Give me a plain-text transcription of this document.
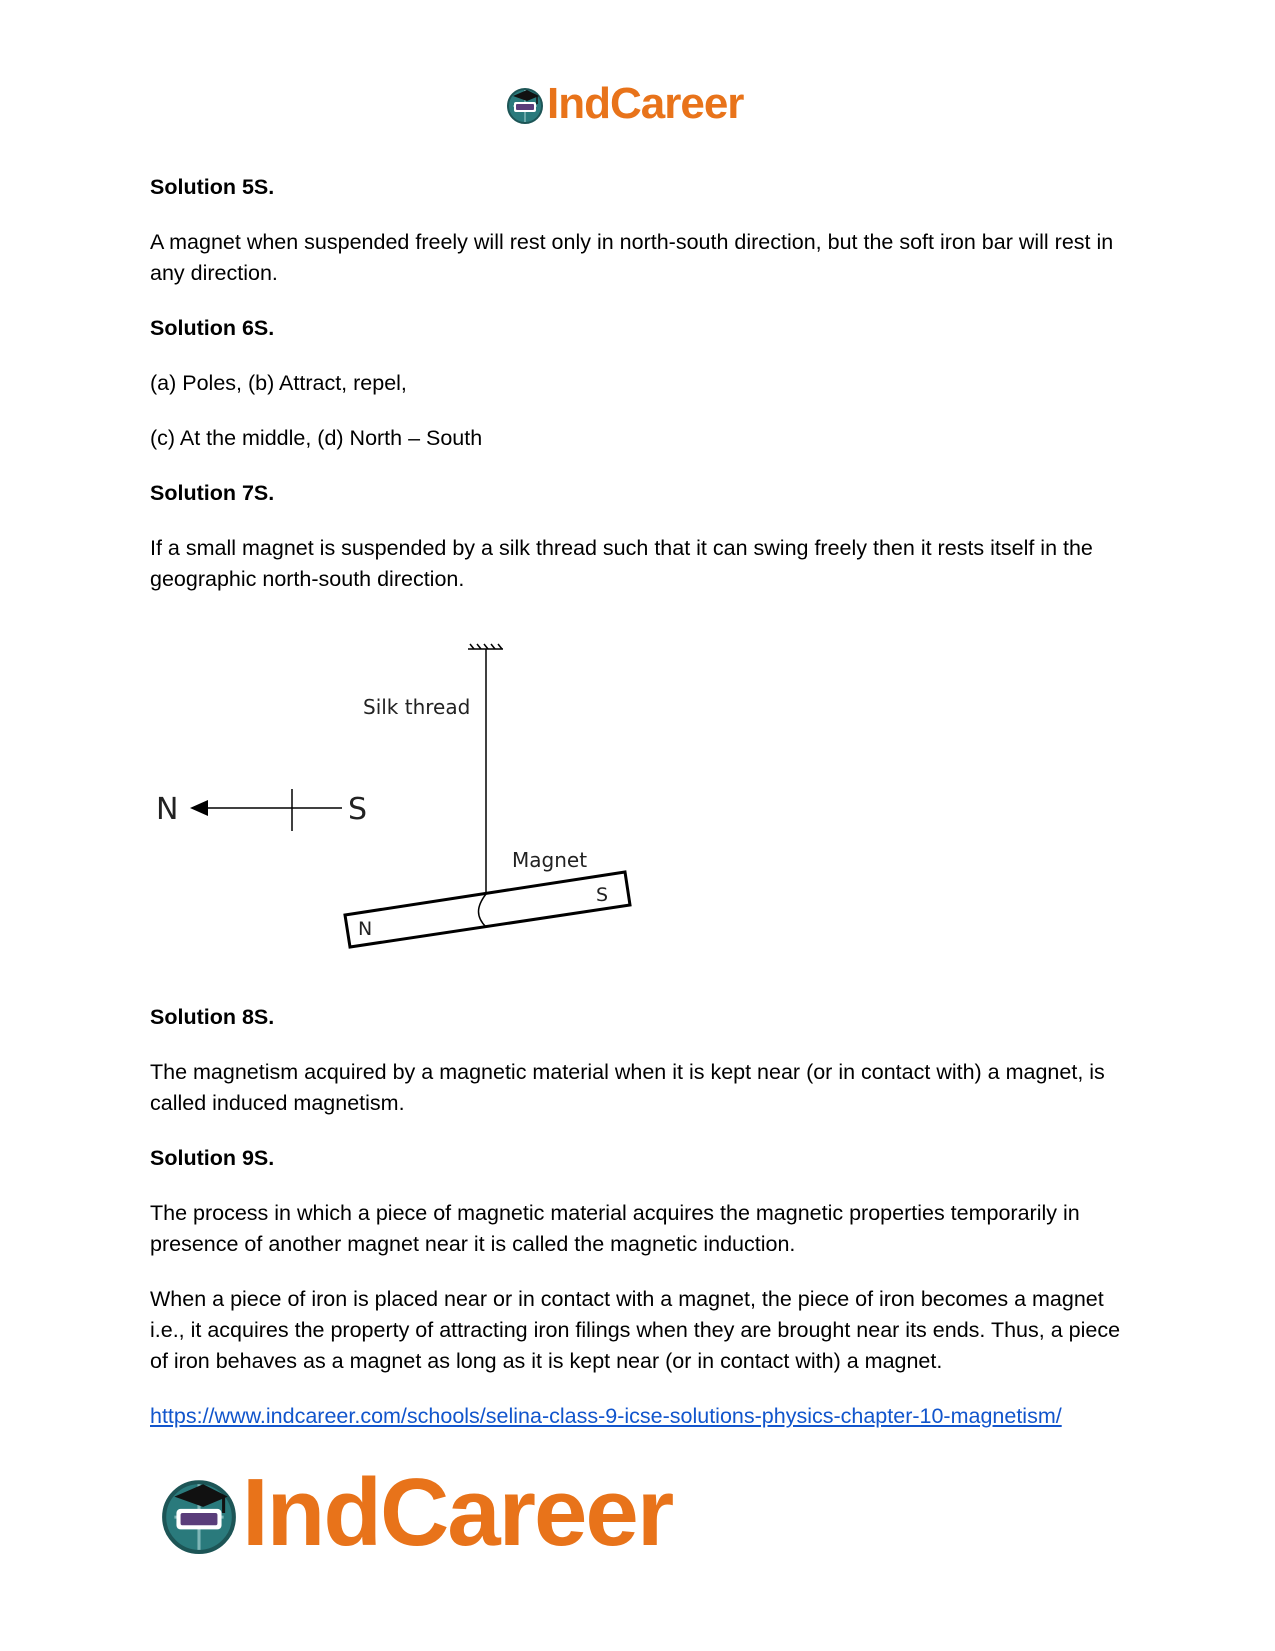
IndCareer

Solution 5S.

A magnet when suspended freely will rest only in north-south direction, but the soft iron bar will rest in any direction.

Solution 6S.

(a) Poles, (b) Attract, repel,

(c) At the middle, (d) North – South

Solution 7S.

If a small magnet is suspended by a silk thread such that it can swing freely then it rests itself in the geographic north-south direction.

Silk thread
N	S
Magnet
N
S

Solution 8S.

The magnetism acquired by a magnetic material when it is kept near (or in contact with) a magnet, is called induced magnetism.

Solution 9S.

The process in which a piece of magnetic material acquires the magnetic properties temporarily in presence of another magnet near it is called the magnetic induction.

When a piece of iron is placed near or in contact with a magnet, the piece of iron becomes a magnet i.e., it acquires the property of attracting iron filings when they are brought near its ends. Thus, a piece of iron behaves as a magnet as long as it is kept near (or in contact with) a magnet.

https://www.indcareer.com/schools/selina-class-9-icse-solutions-physics-chapter-10-magnetism/
IndCareer
